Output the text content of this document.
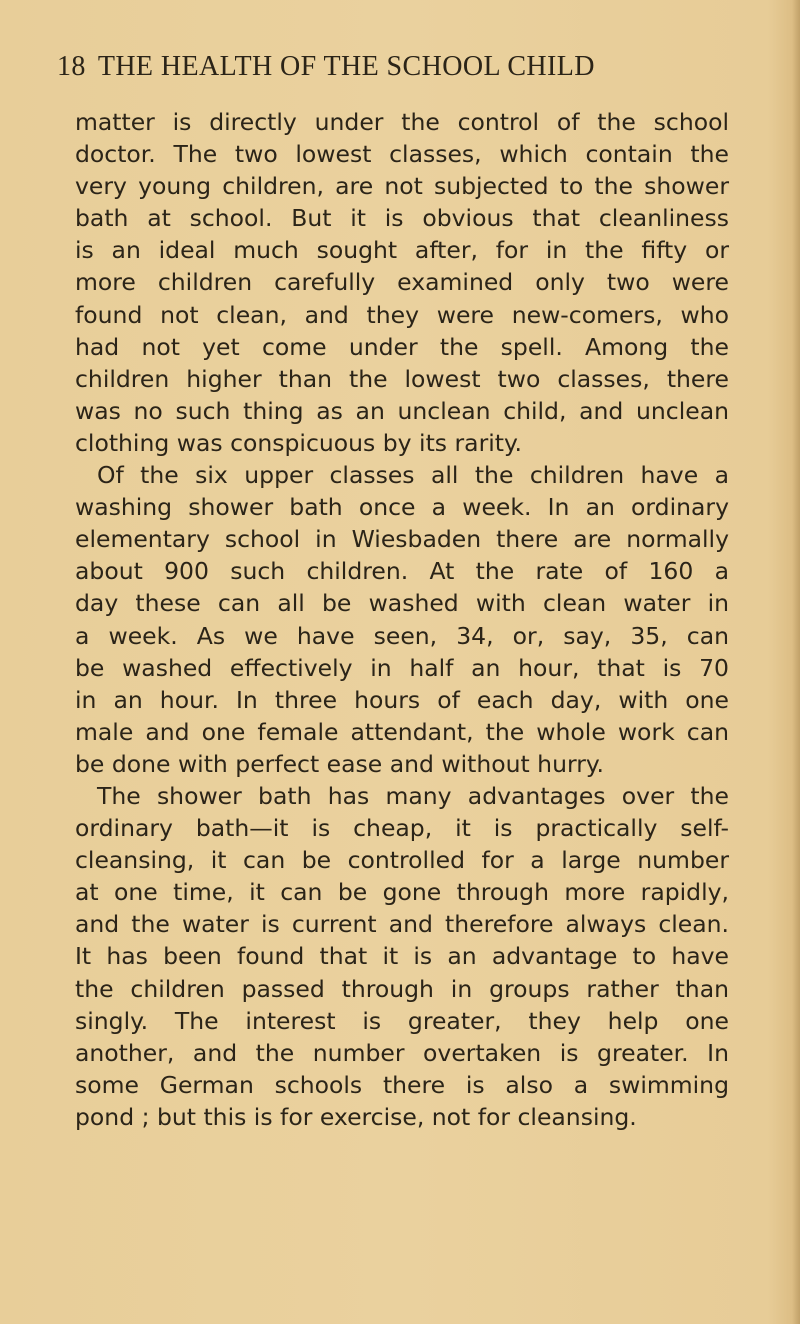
18 THE HEALTH OF THE SCHOOL CHILD
matter is directly under the control of the school
doctor. The two lowest classes, which contain the
very young children, are not subjected to the shower
bath at school. But it is obvious that cleanliness
is an ideal much sought after, for in the fifty or
more children carefully examined only two were
found not clean, and they were new-comers, who
had not yet come under the spell. Among the
children higher than the lowest two classes, there
was no such thing as an unclean child, and unclean
clothing was conspicuous by its rarity.
Of the six upper classes all the children have a
washing shower bath once a week. In an ordinary
elementary school in Wiesbaden there are normally
about 900 such children. At the rate of 160 a
day these can all be washed with clean water in
a week. As we have seen, 34, or, say, 35, can
be washed effectively in half an hour, that is 70
in an hour. In three hours of each day, with one
male and one female attendant, the whole work can
be done with perfect ease and without hurry.
The shower bath has many advantages over the
ordinary bath—it is cheap, it is practically self-
cleansing, it can be controlled for a large number
at one time, it can be gone through more rapidly,
and the water is current and therefore always clean.
It has been found that it is an advantage to have
the children passed through in groups rather than
singly. The interest is greater, they help one
another, and the number overtaken is greater. In
some German schools there is also a swimming
pond ; but this is for exercise, not for cleansing.
